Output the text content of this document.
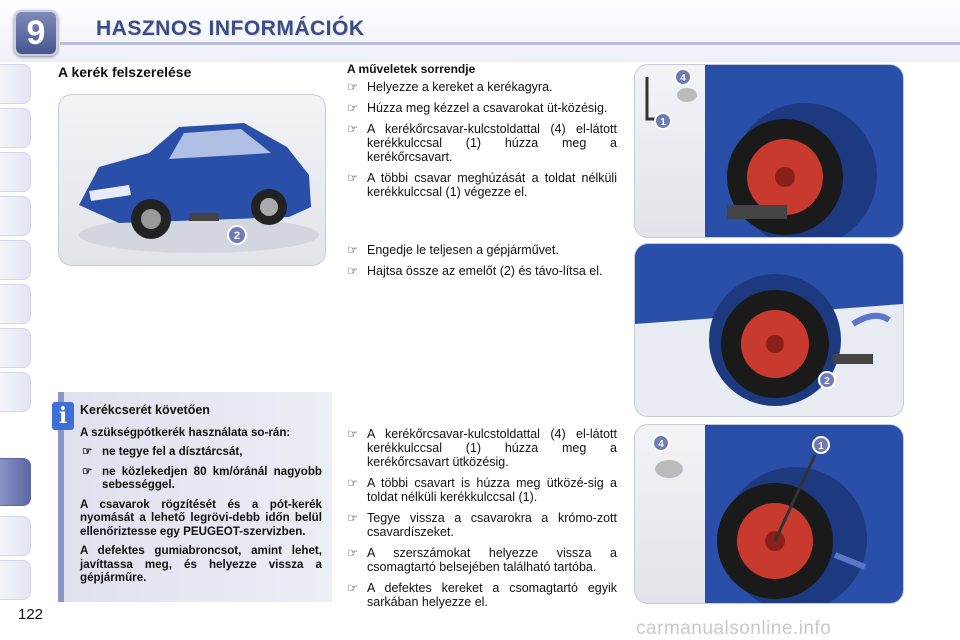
9	HASZNOS INFORMÁCIÓK
A kerék felszerelése
2
A műveletek sorrendje
☞ Helyezze a kereket a kerékagyra.
☞ Húzza meg kézzel a csavarokat üt-közésig.
☞ A kerékőrcsavar-kulcstoldattal (4) el-látott kerékkulccsal (1) húzza meg a kerékőrcsavart.
☞ A többi csavar meghúzását a toldat nélküli kerékkulccsal (1) végezze el.
☞ Engedje le teljesen a gépjárművet.
☞ Hajtsa össze az emelőt (2) és távo-lítsa el.
☞ A kerékőrcsavar-kulcstoldattal (4) el-látott kerékkulccsal (1) húzza meg a kerékőrcsavart ütközésig.
☞ A többi csavart is húzza meg ütközé-sig a toldat nélküli kerékkulccsal (1).
☞ Tegye vissza a csavarokra a krómo-zott csavardíszeket.
☞ A szerszámokat helyezze vissza a csomagtartó belsejében található tartóba.
☞ A defektes kereket a csomagtartó egyik sarkában helyezze el.
4
1
2
4	1
i	Kerékcserét követően

A szükségpótkerék használata so-rán:

☞ ne tegye fel a dísztárcsát,

☞ ne közlekedjen 80 km/óránál nagyobb sebességgel.

A csavarok rögzítését és a pót-kerék nyomását a lehető legrövi-debb időn belül ellenőriztesse egy PEUGEOT-szervizben.

A defektes gumiabroncsot, amint lehet, javíttassa meg, és helyezze vissza a gépjárműre.

122
carmanualsonline.info
